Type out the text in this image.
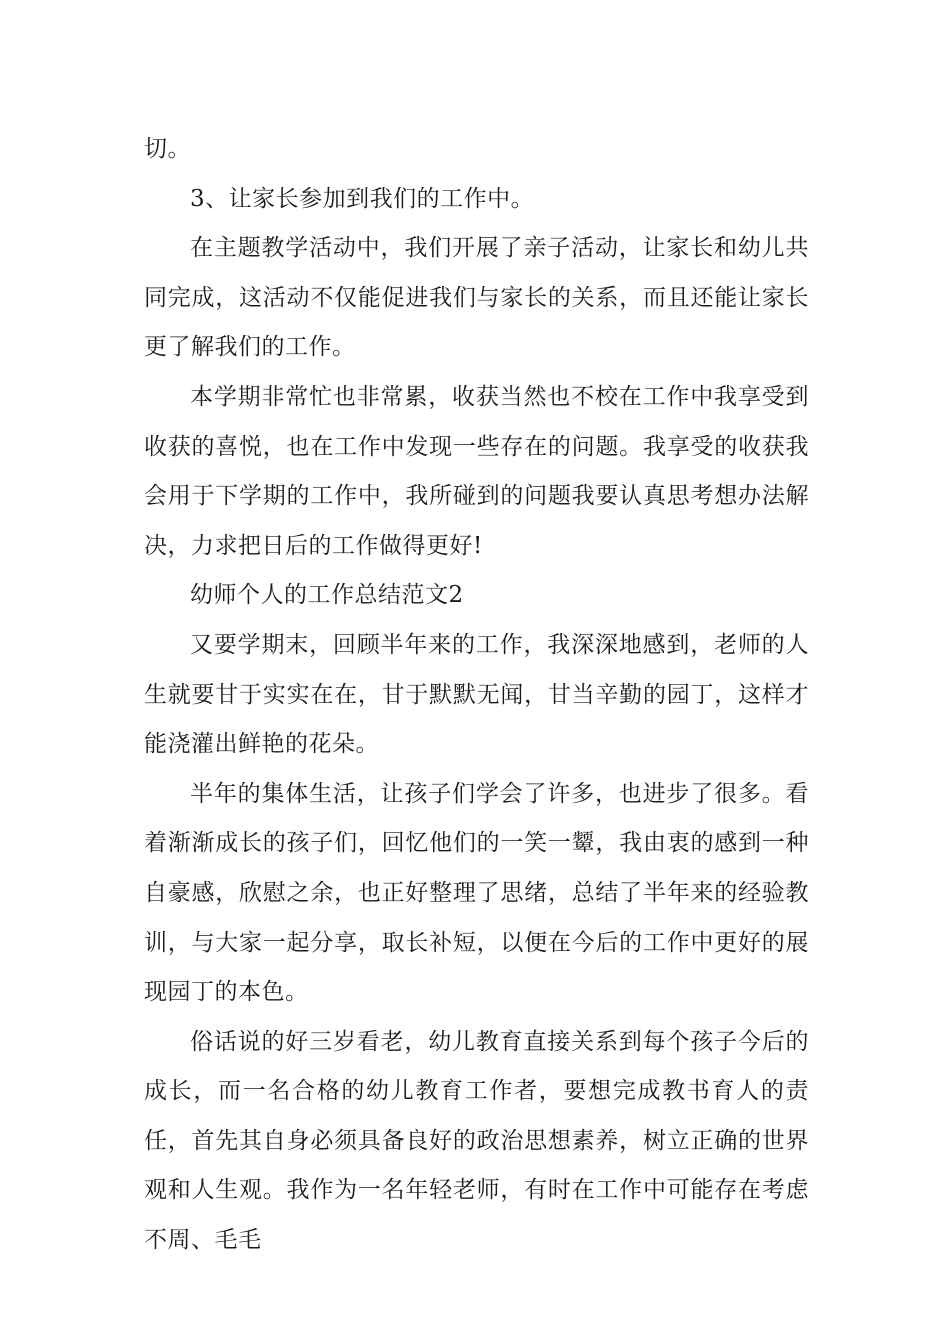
切。

3、让家长参加到我们的工作中。

在主题教学活动中，我们开展了亲子活动，让家长和幼儿共同完成，这活动不仅能促进我们与家长的关系，而且还能让家长更了解我们的工作。

本学期非常忙也非常累，收获当然也不校在工作中我享受到收获的喜悦，也在工作中发现一些存在的问题。我享受的收获我会用于下学期的工作中，我所碰到的问题我要认真思考想办法解决，力求把日后的工作做得更好!

幼师个人的工作总结范文2

又要学期末，回顾半年来的工作，我深深地感到，老师的人生就要甘于实实在在，甘于默默无闻，甘当辛勤的园丁，这样才能浇灌出鲜艳的花朵。

半年的集体生活，让孩子们学会了许多，也进步了很多。看着渐渐成长的孩子们，回忆他们的一笑一颦，我由衷的感到一种自豪感，欣慰之余，也正好整理了思绪，总结了半年来的经验教训，与大家一起分享，取长补短，以便在今后的工作中更好的展现园丁的本色。

俗话说的好三岁看老，幼儿教育直接关系到每个孩子今后的成长，而一名合格的幼儿教育工作者，要想完成教书育人的责任，首先其自身必须具备良好的政治思想素养，树立正确的世界观和人生观。我作为一名年轻老师，有时在工作中可能存在考虑不周、毛毛
